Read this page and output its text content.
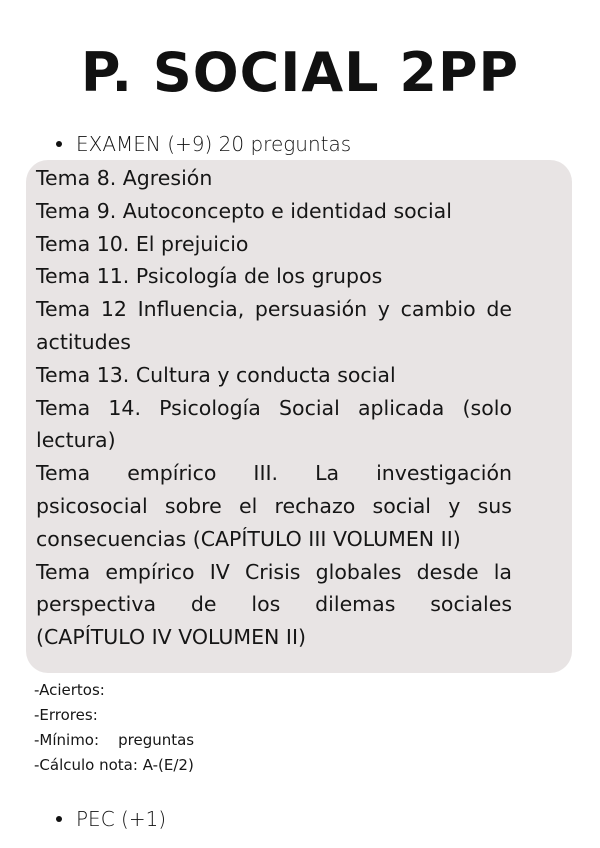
P. SOCIAL 2PP
EXAMEN (+9) 20 preguntas
Tema 8. Agresión
Tema 9. Autoconcepto e identidad social
Tema 10. El prejuicio
Tema 11. Psicología de los grupos
Tema 12 Influencia, persuasión y cambio de
actitudes
Tema 13. Cultura y conducta social
Tema 14. Psicología Social aplicada (solo
lectura)
Tema empírico III. La investigación
psicosocial sobre el rechazo social y sus
consecuencias (CAPÍTULO III VOLUMEN II)
Tema empírico IV Crisis globales desde la
perspectiva de los dilemas sociales
(CAPÍTULO IV VOLUMEN II)
-Aciertos:
-Errores:
-Mínimo:    preguntas
-Cálculo nota: A-(E/2)
PEC (+1)
